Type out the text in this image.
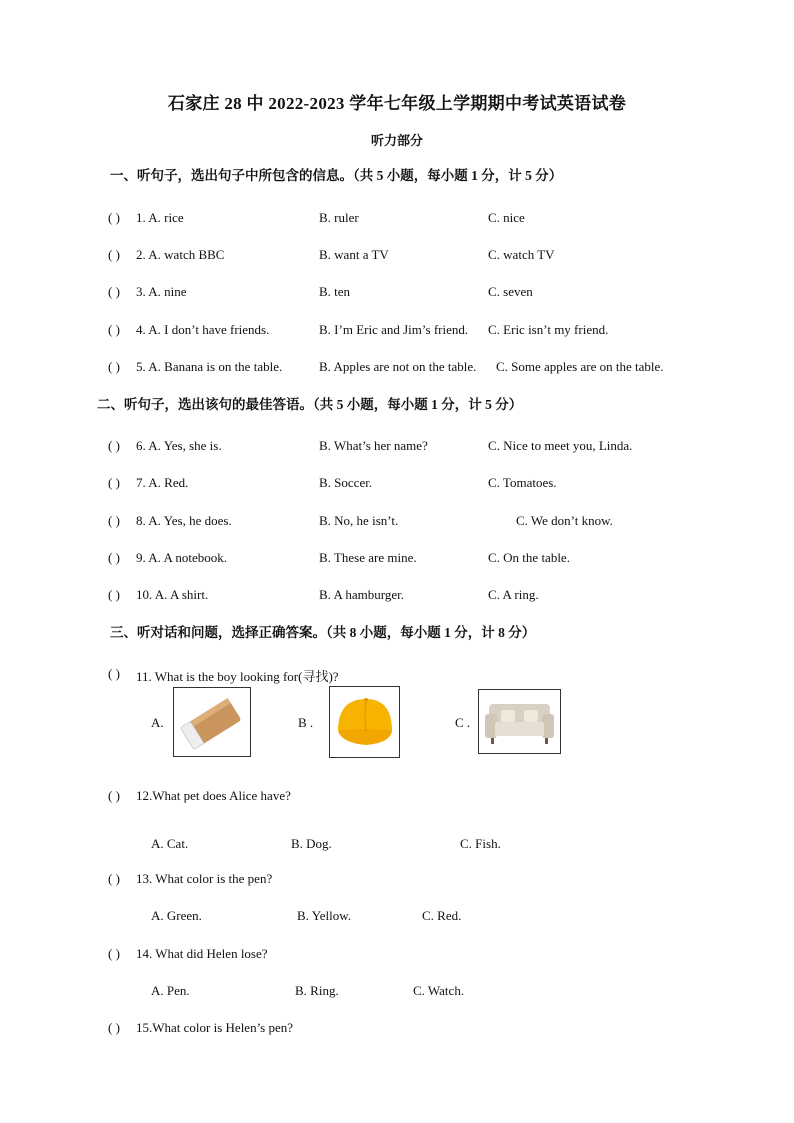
石家庄 28 中 2022-2023 学年七年级上学期期中考试英语试卷
听力部分
一、听句子，选出句子中所包含的信息。（共 5 小题，每小题 1 分，计 5 分）
( ) 1. A. rice	B. ruler	C. nice
( ) 2. A. watch BBC	B. want a TV	C. watch TV
( ) 3. A. nine	B. ten	C. seven
( ) 4. A. I don’t have friends.	B. I’m Eric and Jim’s friend. C. Eric isn’t my friend.
( ) 5. A. Banana is on the table.	B. Apples are not on the table. C. Some apples are on the table.
二、听句子，选出该句的最佳答语。（共 5 小题，每小题 1 分，计 5 分）
( ) 6. A. Yes, she is.	B. What’s her name?	C. Nice to meet you, Linda.
( ) 7. A. Red.	B. Soccer.	C. Tomatoes.
( ) 8. A. Yes, he does.	B. No, he isn’t.	C. We don’t know.
( ) 9. A. A notebook.	B. These are mine.	C. On the table.
( ) 10. A. A shirt.	B. A hamburger.	C. A ring.
三、听对话和问题，选择正确答案。（共 8 小题，每小题 1 分，计 8 分）
( ) 11. What is the boy looking for(寻找)?
A.	B .	C .
( ) 12.What pet does Alice have?
A. Cat.	B. Dog.	C. Fish.
( ) 13. What color is the pen?
A. Green.	B. Yellow.	C. Red.
( ) 14. What did Helen lose?
A. Pen.	B. Ring.	C. Watch.
( ) 15.What color is Helen’s pen?
